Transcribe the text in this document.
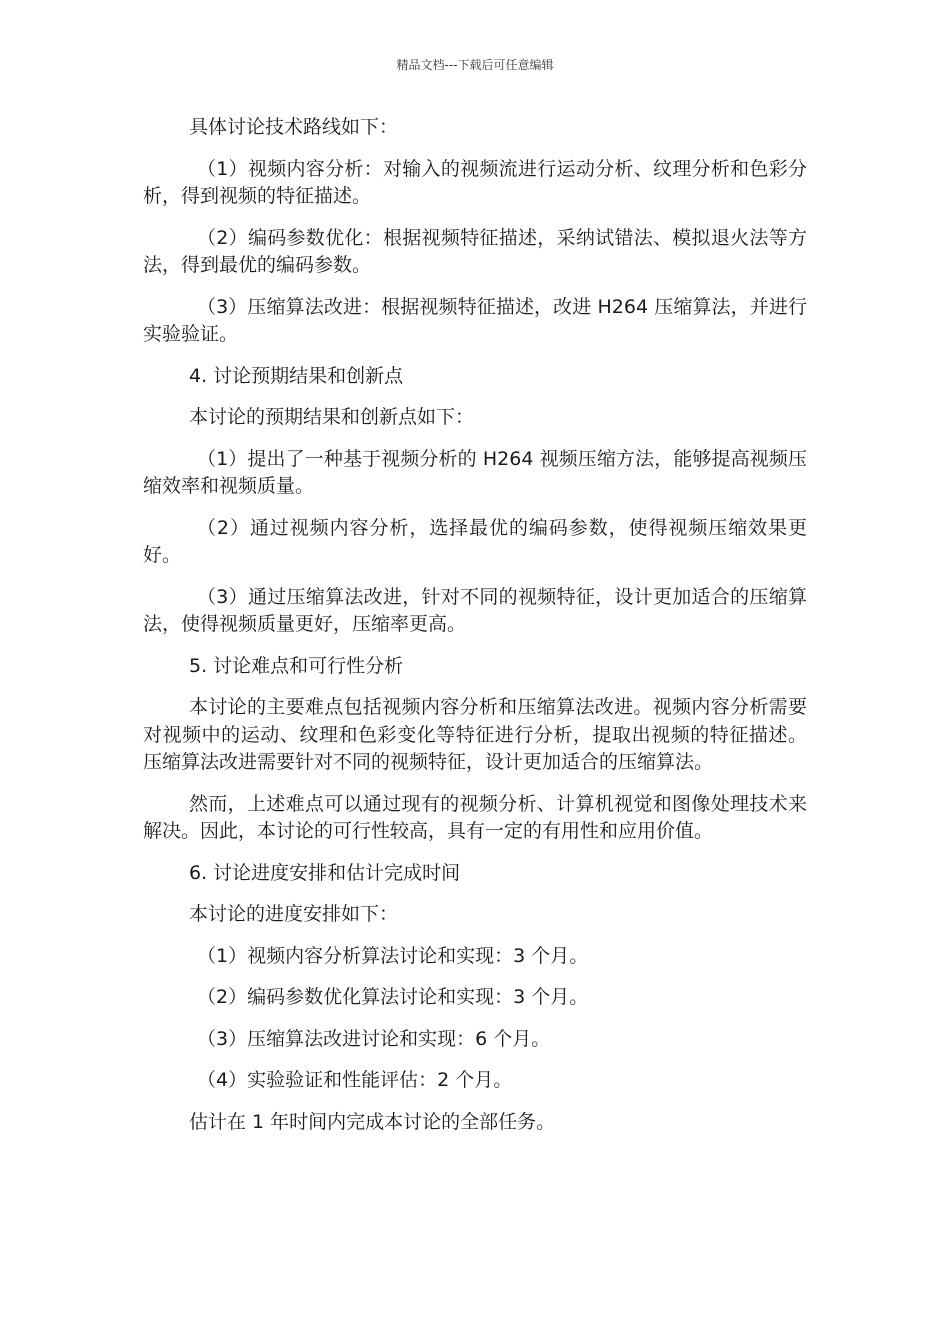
精品文档---下载后可任意编辑

具体讨论技术路线如下：

（1）视频内容分析：对输入的视频流进行运动分析、纹理分析和色彩分析，得到视频的特征描述。

（2）编码参数优化：根据视频特征描述，采纳试错法、模拟退火法等方法，得到最优的编码参数。

（3）压缩算法改进：根据视频特征描述，改进 H264 压缩算法，并进行实验验证。

4. 讨论预期结果和创新点

本讨论的预期结果和创新点如下：

（1）提出了一种基于视频分析的 H264 视频压缩方法，能够提高视频压缩效率和视频质量。

（2）通过视频内容分析，选择最优的编码参数，使得视频压缩效果更好。

（3）通过压缩算法改进，针对不同的视频特征，设计更加适合的压缩算法，使得视频质量更好，压缩率更高。

5. 讨论难点和可行性分析

本讨论的主要难点包括视频内容分析和压缩算法改进。视频内容分析需要对视频中的运动、纹理和色彩变化等特征进行分析，提取出视频的特征描述。压缩算法改进需要针对不同的视频特征，设计更加适合的压缩算法。

然而，上述难点可以通过现有的视频分析、计算机视觉和图像处理技术来解决。因此，本讨论的可行性较高，具有一定的有用性和应用价值。

6. 讨论进度安排和估计完成时间

本讨论的进度安排如下：

（1）视频内容分析算法讨论和实现：3 个月。

（2）编码参数优化算法讨论和实现：3 个月。

（3）压缩算法改进讨论和实现：6 个月。

（4）实验验证和性能评估：2 个月。

估计在 1 年时间内完成本讨论的全部任务。
